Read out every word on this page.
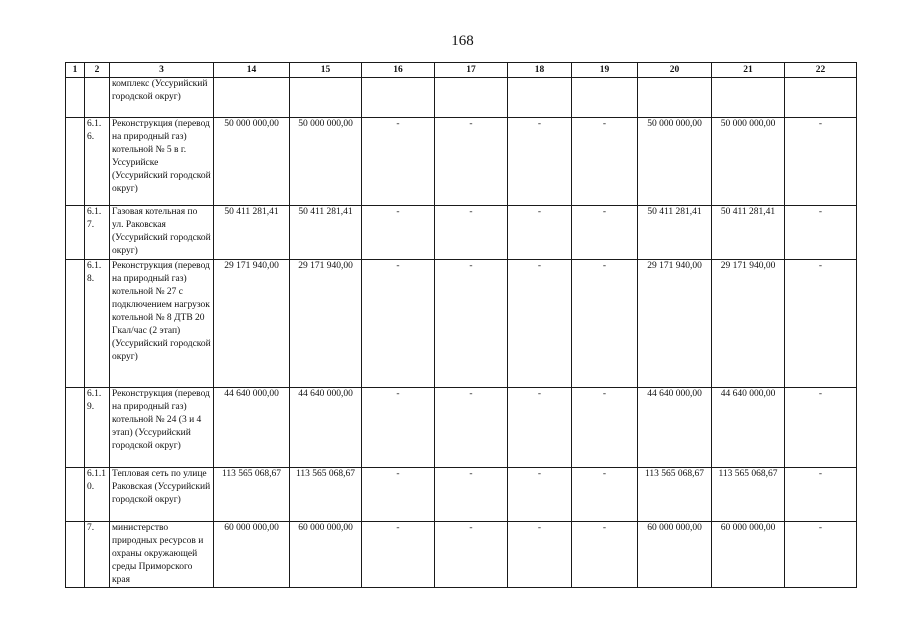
168
1	2	3	14	15	16	17	18	19	20	21	22
		комплекс (Уссурийский городской округ)									
	6.1.6.	Реконструкция (перевод на природный газ) котельной № 5 в г. Уссурийске (Уссурийский городской округ)	50 000 000,00	50 000 000,00	-	-	-	-	50 000 000,00	50 000 000,00	-
	6.1.7.	Газовая котельная по ул. Раковская (Уссурийский городской округ)	50 411 281,41	50 411 281,41	-	-	-	-	50 411 281,41	50 411 281,41	-
	6.1.8.	Реконструкция (перевод на природный газ) котельной № 27 с подключением нагрузок котельной № 8 ДТВ 20 Гкал/час (2 этап) (Уссурийский городской округ)	29 171 940,00	29 171 940,00	-	-	-	-	29 171 940,00	29 171 940,00	-
	6.1.9.	Реконструкция (перевод на природный газ) котельной № 24 (3 и 4 этап) (Уссурийский городской округ)	44 640 000,00	44 640 000,00	-	-	-	-	44 640 000,00	44 640 000,00	-
	6.1.10.	Тепловая сеть по улице Раковская (Уссурийский городской округ)	113 565 068,67	113 565 068,67	-	-	-	-	113 565 068,67	113 565 068,67	-
	7.	министерство природных ресурсов и охраны окружающей среды Приморского края	60 000 000,00	60 000 000,00	-	-	-	-	60 000 000,00	60 000 000,00	-
